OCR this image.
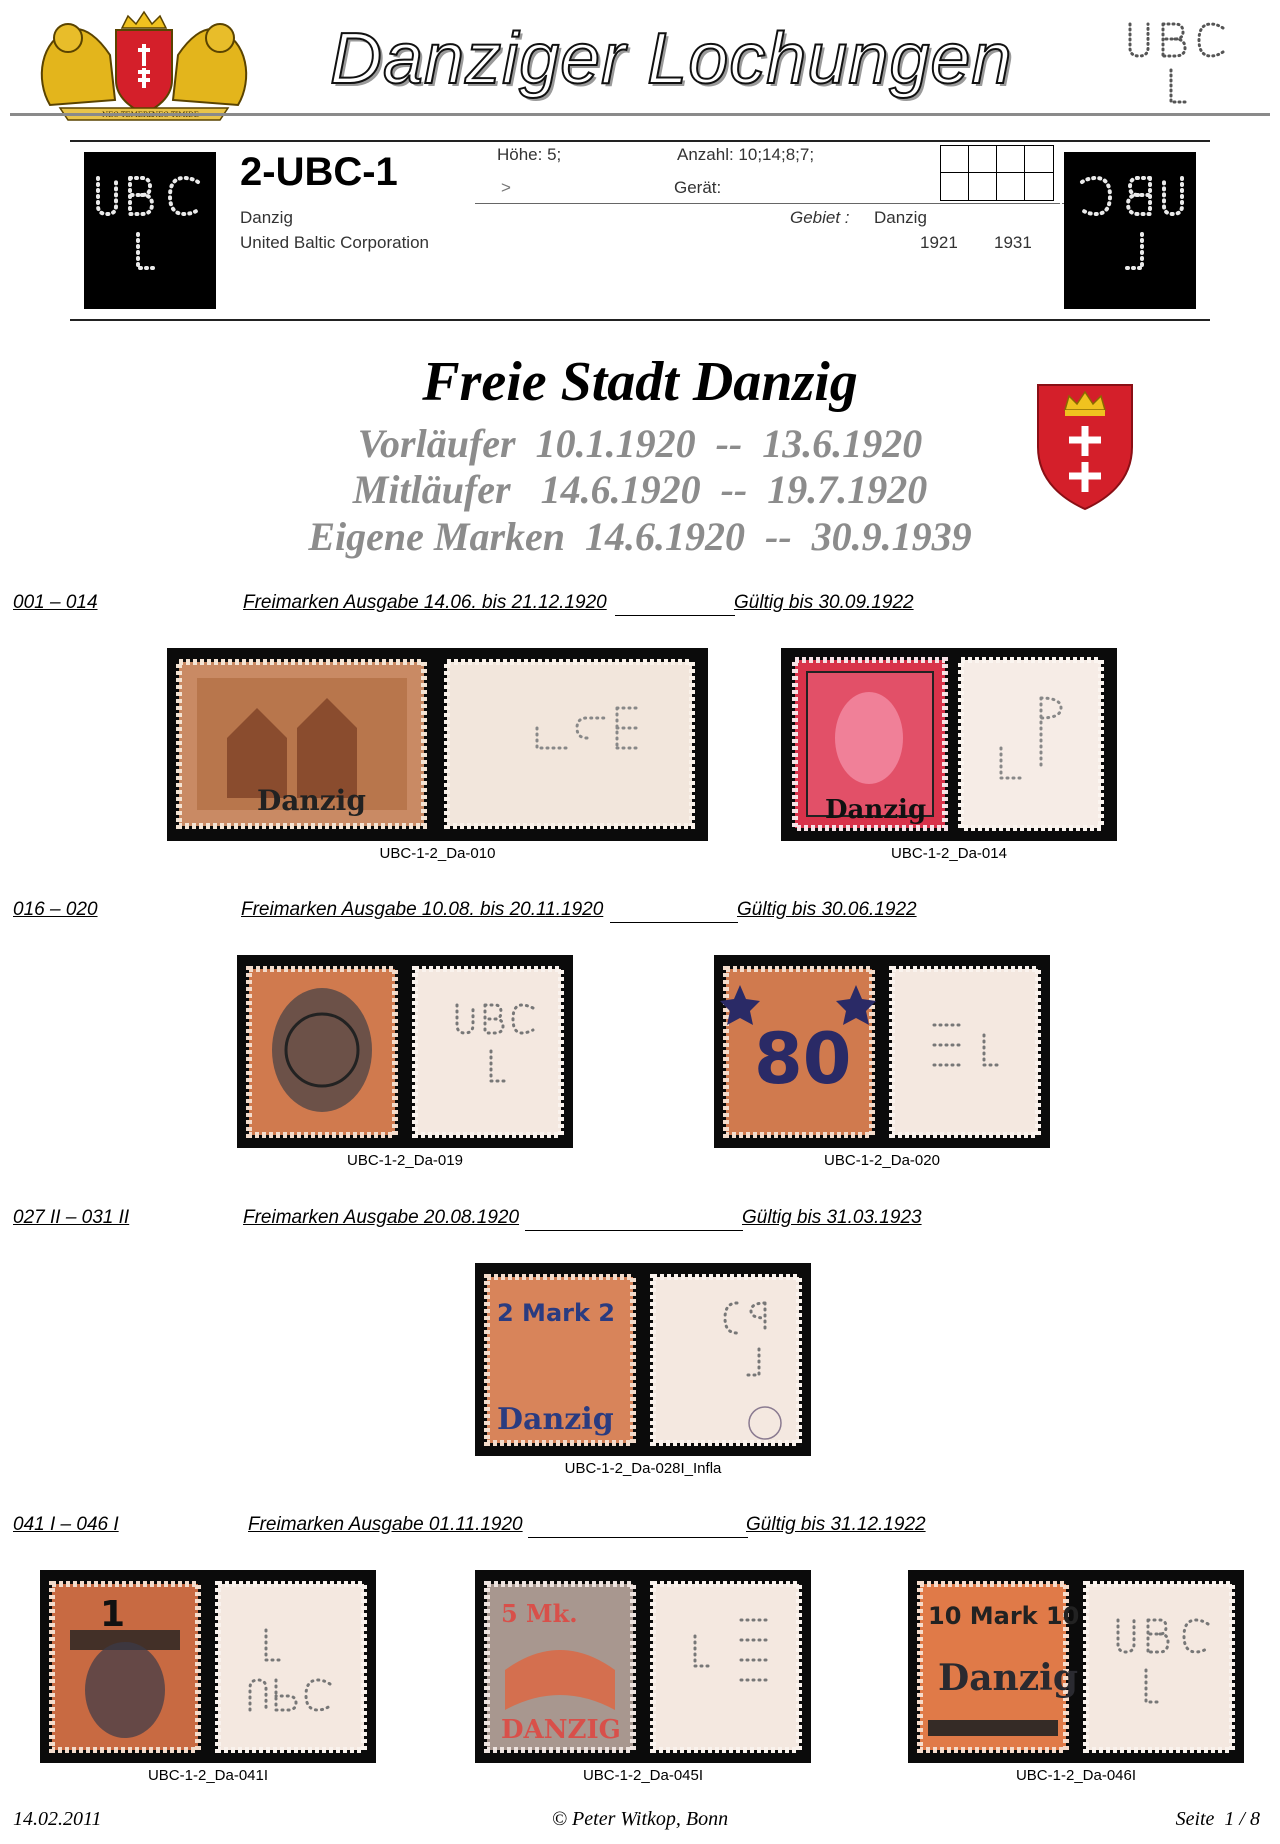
Danziger Lochungen
2-UBC-1	Höhe: 5;	Anzahl: 10;14;8;7;
>	Gerät:
Danzig
United Baltic Corporation
Gebiet : Danzig
1921 1931
Freie Stadt Danzig
Vorläufer  10.1.1920  --  13.6.1920
Mitläufer   14.6.1920  --  19.7.1920
Eigene Marken  14.6.1920  --  30.9.1939
001 – 014	Freimarken Ausgabe 14.06. bis 21.12.1920	Gültig bis 30.09.1922
Danzig
UBC-1-2_Da-010
Danzig
UBC-1-2_Da-014
016 – 020	Freimarken Ausgabe 10.08. bis 20.11.1920	Gültig bis 30.06.1922
UBC-1-2_Da-019
80
UBC-1-2_Da-020
027 II – 031 II	Freimarken Ausgabe 20.08.1920	Gültig bis 31.03.1923
2 Mark 2
Danzig
UBC-1-2_Da-028I_Infla
041 I – 046 I	Freimarken Ausgabe 01.11.1920	Gültig bis 31.12.1922
1
UBC-1-2_Da-041I
5 Mk.
DANZIG
UBC-1-2_Da-045I
10 Mark 10
Danzig
UBC-1-2_Da-046I
14.02.2011	© Peter Witkop, Bonn	Seite  1 / 8
